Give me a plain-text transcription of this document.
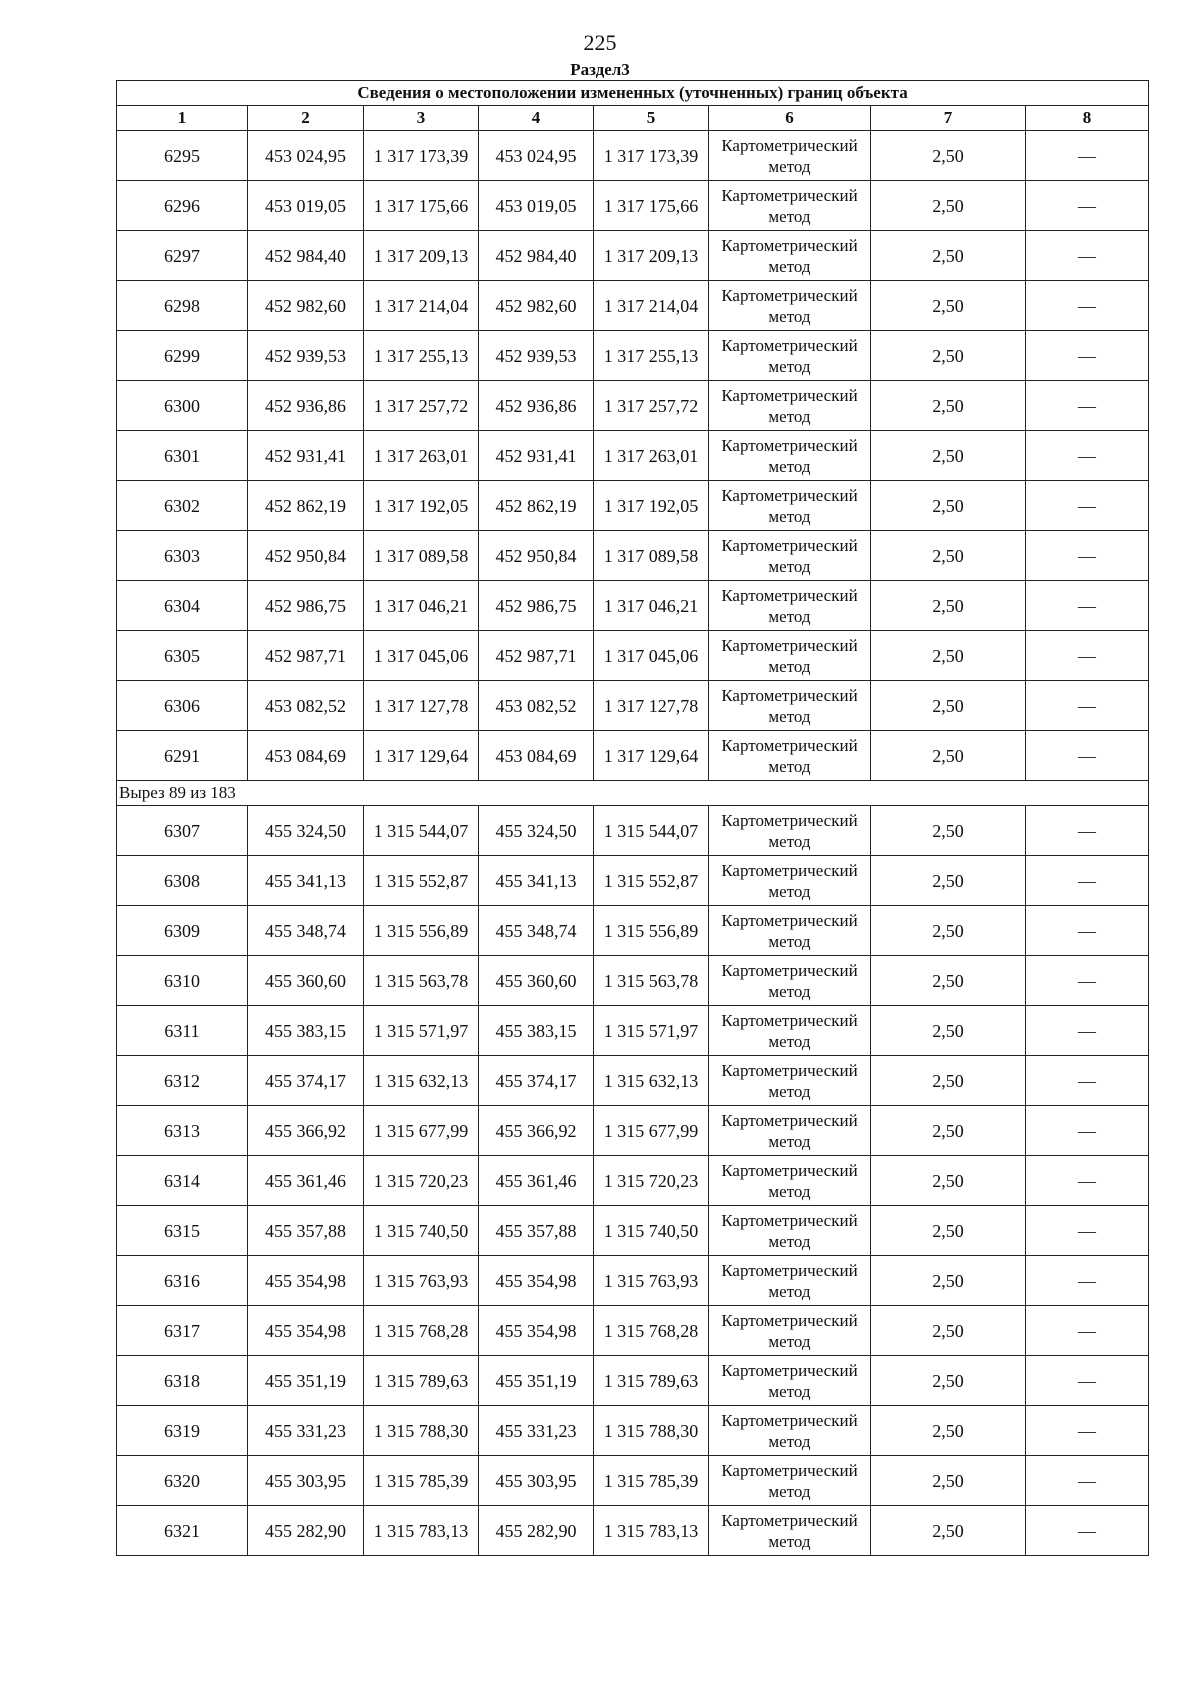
225
Раздел3
Сведения о местоположении измененных (уточненных) границ объекта							
1	2	3	4	5	6	7	8
6295	453 024,95	1 317 173,39	453 024,95	1 317 173,39	Картометрический метод	2,50	—
6296	453 019,05	1 317 175,66	453 019,05	1 317 175,66	Картометрический метод	2,50	—
6297	452 984,40	1 317 209,13	452 984,40	1 317 209,13	Картометрический метод	2,50	—
6298	452 982,60	1 317 214,04	452 982,60	1 317 214,04	Картометрический метод	2,50	—
6299	452 939,53	1 317 255,13	452 939,53	1 317 255,13	Картометрический метод	2,50	—
6300	452 936,86	1 317 257,72	452 936,86	1 317 257,72	Картометрический метод	2,50	—
6301	452 931,41	1 317 263,01	452 931,41	1 317 263,01	Картометрический метод	2,50	—
6302	452 862,19	1 317 192,05	452 862,19	1 317 192,05	Картометрический метод	2,50	—
6303	452 950,84	1 317 089,58	452 950,84	1 317 089,58	Картометрический метод	2,50	—
6304	452 986,75	1 317 046,21	452 986,75	1 317 046,21	Картометрический метод	2,50	—
6305	452 987,71	1 317 045,06	452 987,71	1 317 045,06	Картометрический метод	2,50	—
6306	453 082,52	1 317 127,78	453 082,52	1 317 127,78	Картометрический метод	2,50	—
6291	453 084,69	1 317 129,64	453 084,69	1 317 129,64	Картометрический метод	2,50	—
Вырез 89 из 183							
6307	455 324,50	1 315 544,07	455 324,50	1 315 544,07	Картометрический метод	2,50	—
6308	455 341,13	1 315 552,87	455 341,13	1 315 552,87	Картометрический метод	2,50	—
6309	455 348,74	1 315 556,89	455 348,74	1 315 556,89	Картометрический метод	2,50	—
6310	455 360,60	1 315 563,78	455 360,60	1 315 563,78	Картометрический метод	2,50	—
6311	455 383,15	1 315 571,97	455 383,15	1 315 571,97	Картометрический метод	2,50	—
6312	455 374,17	1 315 632,13	455 374,17	1 315 632,13	Картометрический метод	2,50	—
6313	455 366,92	1 315 677,99	455 366,92	1 315 677,99	Картометрический метод	2,50	—
6314	455 361,46	1 315 720,23	455 361,46	1 315 720,23	Картометрический метод	2,50	—
6315	455 357,88	1 315 740,50	455 357,88	1 315 740,50	Картометрический метод	2,50	—
6316	455 354,98	1 315 763,93	455 354,98	1 315 763,93	Картометрический метод	2,50	—
6317	455 354,98	1 315 768,28	455 354,98	1 315 768,28	Картометрический метод	2,50	—
6318	455 351,19	1 315 789,63	455 351,19	1 315 789,63	Картометрический метод	2,50	—
6319	455 331,23	1 315 788,30	455 331,23	1 315 788,30	Картометрический метод	2,50	—
6320	455 303,95	1 315 785,39	455 303,95	1 315 785,39	Картометрический метод	2,50	—
6321	455 282,90	1 315 783,13	455 282,90	1 315 783,13	Картометрический метод	2,50	—
